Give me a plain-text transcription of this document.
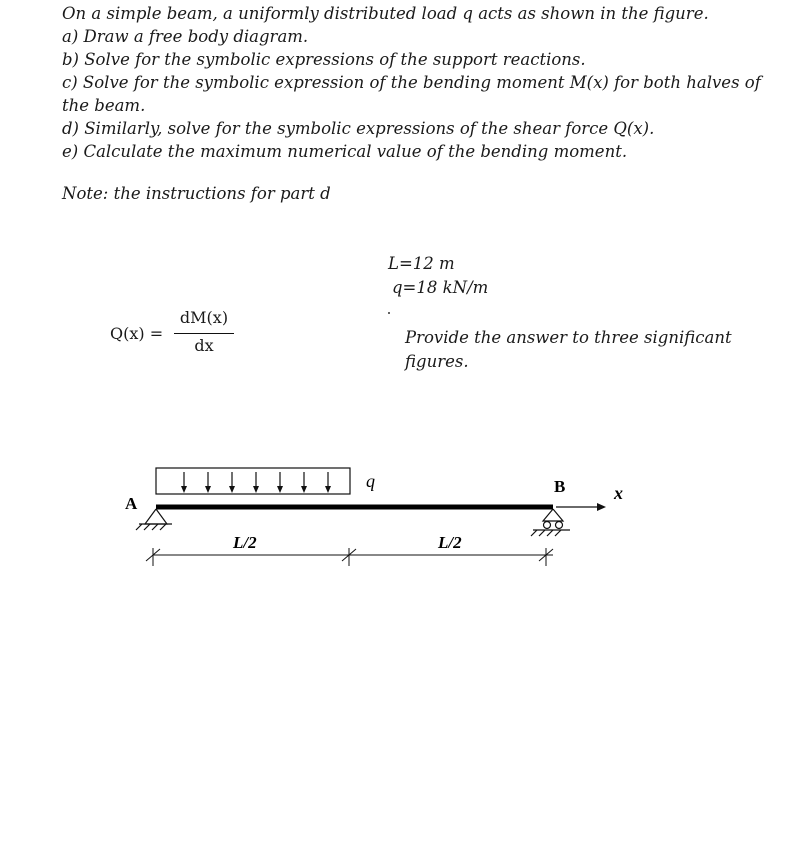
On a simple beam, a uniformly distributed load q acts as shown in the figure.

a) Draw a free body diagram.

b) Solve for the symbolic expressions of the support reactions.

c) Solve for the symbolic expression of the bending moment M(x) for both halves of the beam.

d) Similarly, solve for the symbolic expressions of the shear force Q(x).

e) Calculate the maximum numerical value of the bending moment.

Note: the instructions for part d
L=12 m
q=18 kN/m
Provide the answer to three significant figures.
Q(x) =
dM(x)
dx
q
A
B	x
L/2	L/2
